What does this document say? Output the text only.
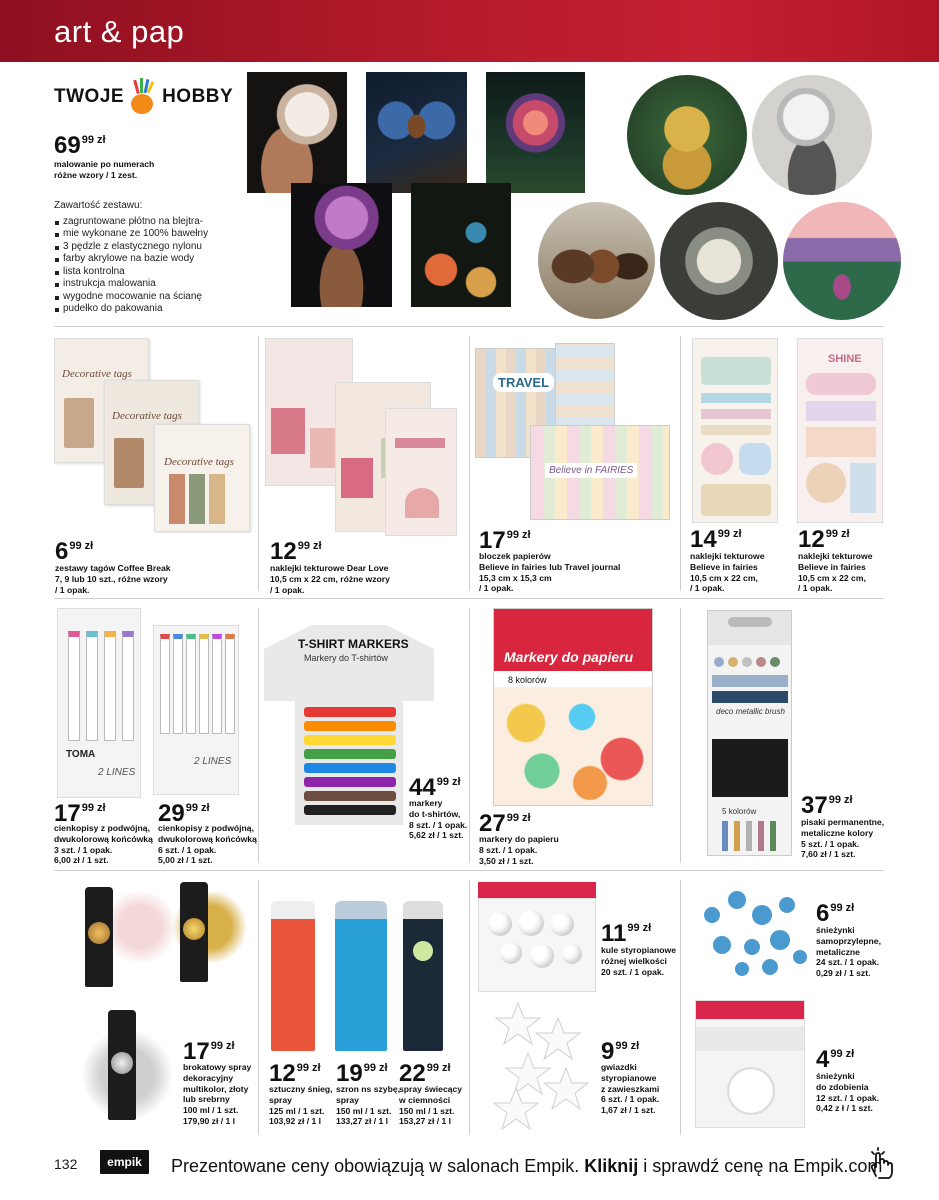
art & pap
TWOJE HOBBY
69 99 zł
malowanie po numerach
różne wzory / 1 zest.
Zawartość zestawu:
zagruntowane płótno na blejtra-
mie wykonane ze 100% bawełny
3 pędzle z elastycznego nylonu
farby akrylowe na bazie wody
lista kontrolna
instrukcja malowania
wygodne mocowanie na ścianę
pudełko do pakowania
Decorative tags
Decorative tags
Decorative tags
TRAVEL
Believe in FAIRIES
SHINE
TOMA
2 LINES
2 LINES
T-SHIRT MARKERS
Markery do T-shirtów	Markery do papieru
8 kolorów
deco metallic brush
5 kolorów
6 99 zł
zestawy tagów Coffee Break
7, 9 lub 10 szt., różne wzory
/ 1 opak.
12 99 zł
naklejki tekturowe Dear Love
10,5 cm x 22 cm, różne wzory
/ 1 opak.
17 99 zł
bloczek papierów
Believe in fairies lub Travel journal
15,3 cm x 15,3 cm
/ 1 opak.
14 99 zł
naklejki tekturowe
Believe in fairies
10,5 cm x 22 cm,
/ 1 opak.
12 99 zł
naklejki tekturowe
Believe in fairies
10,5 cm x 22 cm,
/ 1 opak.
17 99 zł
cienkopisy z podwójną,
dwukolorową końcówką
3 szt. / 1 opak.
6,00 zł / 1 szt.
29 99 zł
cienkopisy z podwójną,
dwukolorową końcówką
6 szt. / 1 opak.
5,00 zł / 1 szt.
44 99 zł
markery
do t-shirtów,
8 szt. / 1 opak.
5,62 zł / 1 szt. 27 99 zł
markery do papieru
8 szt. / 1 opak.
3,50 zł / 1 szt.
37 99 zł
pisaki permanentne,
metaliczne kolory
5 szt. / 1 opak.
7,60 zł / 1 szt.
17 99 zł
brokatowy spray
dekoracyjny
multikolor, złoty
lub srebrny
100 ml / 1 szt.
179,90 zł / 1 l
12 99 zł
sztuczny śnieg,
spray
125 ml / 1 szt.
103,92 zł / 1 l
19 99 zł
szron ns szybę,
spray
150 ml / 1 szt.
133,27 zł / 1 l
22 99 zł
spray świecący
w ciemności
150 ml / 1 szt.
153,27 zł / 1 l
11 99 zł
kule styropianowe
różnej wielkości
20 szt. / 1 opak.
9 99 zł
gwiazdki
styropianowe
z zawieszkami
6 szt. / 1 opak.
1,67 zł / 1 szt.
6 99 zł
śnieżynki
samoprzylepne,
metaliczne
24 szt. / 1 opak.
0,29 zł / 1 szt.
4 99 zł
śnieżynki
do zdobienia
12 szt. / 1 opak.
0,42 z ł / 1 szt.
132	empik	Prezentowane ceny obowiązują w salonach Empik. Kliknij i sprawdź cenę na Empik.com
